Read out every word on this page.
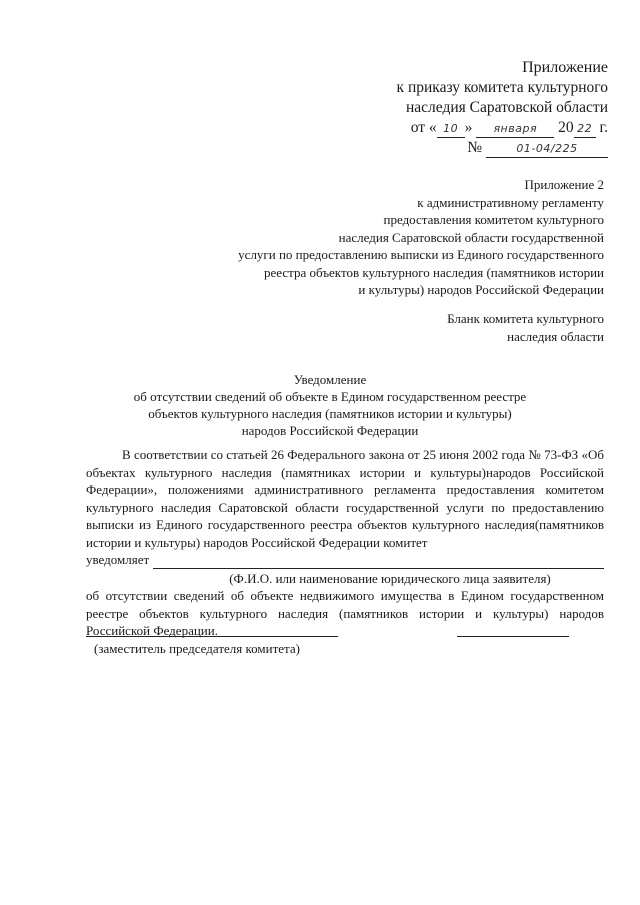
Приложение
к приказу комитета культурного
наследия Саратовской области
от « 10 » января 20 22 г.
№	01-04/225
Приложение 2
к административному регламенту
предоставления комитетом культурного
наследия Саратовской области государственной
услуги по предоставлению выписки из Единого государственного
реестра объектов культурного наследия (памятников истории
и культуры) народов Российской Федерации
Бланк комитета культурного
наследия области
Уведомление
об отсутствии сведений об объекте в Едином государственном реестре
объектов культурного наследия (памятников истории и культуры)
народов Российской Федерации
В соответствии со статьей 26 Федерального закона от 25 июня 2002 года № 73-ФЗ «Об объектах культурного наследия (памятниках истории и культуры)народов Российской Федерации», положениями административного регламента предоставления комитетом культурного наследия Саратовской области государственной услуги по предоставлению выписки из Единого государственного реестра объектов культурного наследия(памятников истории и культуры) народов Российской Федерации комитет
уведомляет
(Ф.И.О. или наименование юридического лица заявителя)
об отсутствии сведений об объекте недвижимого имущества в Едином государственном реестре объектов культурного наследия (памятников истории и культуры) народов Российской Федерации.
(заместитель председателя комитета)
